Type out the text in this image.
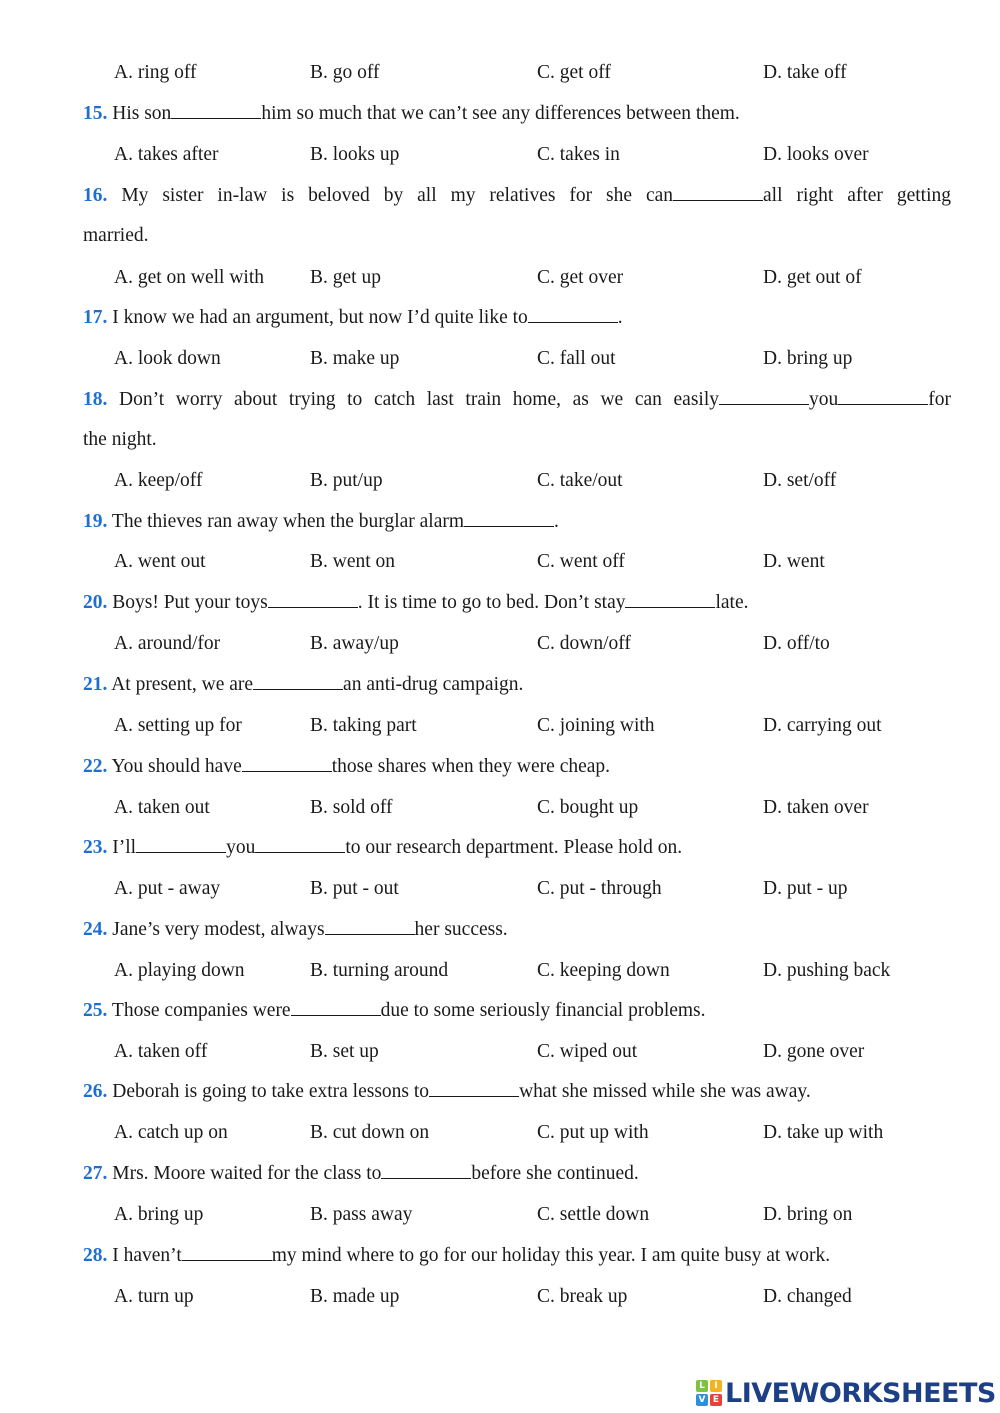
A. ring off	B. go off	C. get off	D. take off
15. His son	him so much that we can’t see any differences between them.
A. takes after	B. looks up	C. takes in	D. looks over
16. My sister in-law is beloved by all my relatives for she can	all right after getting
married.
A. get on well with B. get up	C. get over	D. get out of
17. I know we had an argument, but now I’d quite like to	.
A. look down	B. make up	C. fall out	D. bring up
18. Don’t worry about trying to catch last train home, as we can easily	you	for
the night.
A. keep/off	B. put/up	C. take/out	D. set/off
19. The thieves ran away when the burglar alarm	.
A. went out	B. went on	C. went off	D. went
20. Boys! Put your toys	. It is time to go to bed. Don’t stay	late.
A. around/for	B. away/up	C. down/off	D. off/to
21. At present, we are	an anti-drug campaign.
A. setting up for	B. taking part	C. joining with	D. carrying out
22. You should have	those shares when they were cheap.
A. taken out	B. sold off	C. bought up	D. taken over
23. I’ll	you	to our research department. Please hold on.
A. put - away	B. put - out	C. put - through	D. put - up
24. Jane’s very modest, always	her success.
A. playing down	B. turning around	C. keeping down	D. pushing back
25. Those companies were	due to some seriously financial problems.
A. taken off	B. set up	C. wiped out	D. gone over
26. Deborah is going to take extra lessons to	what she missed while she was away.
A. catch up on	B. cut down on	C. put up with	D. take up with
27. Mrs. Moore waited for the class to	before she continued.
A. bring up	B. pass away	C. settle down	D. bring on
28. I haven’t	my mind where to go for our holiday this year. I am quite busy at work.
A. turn up	B. made up	C. break up	D. changed
L	I
V E LIVEWORKSHEETS
